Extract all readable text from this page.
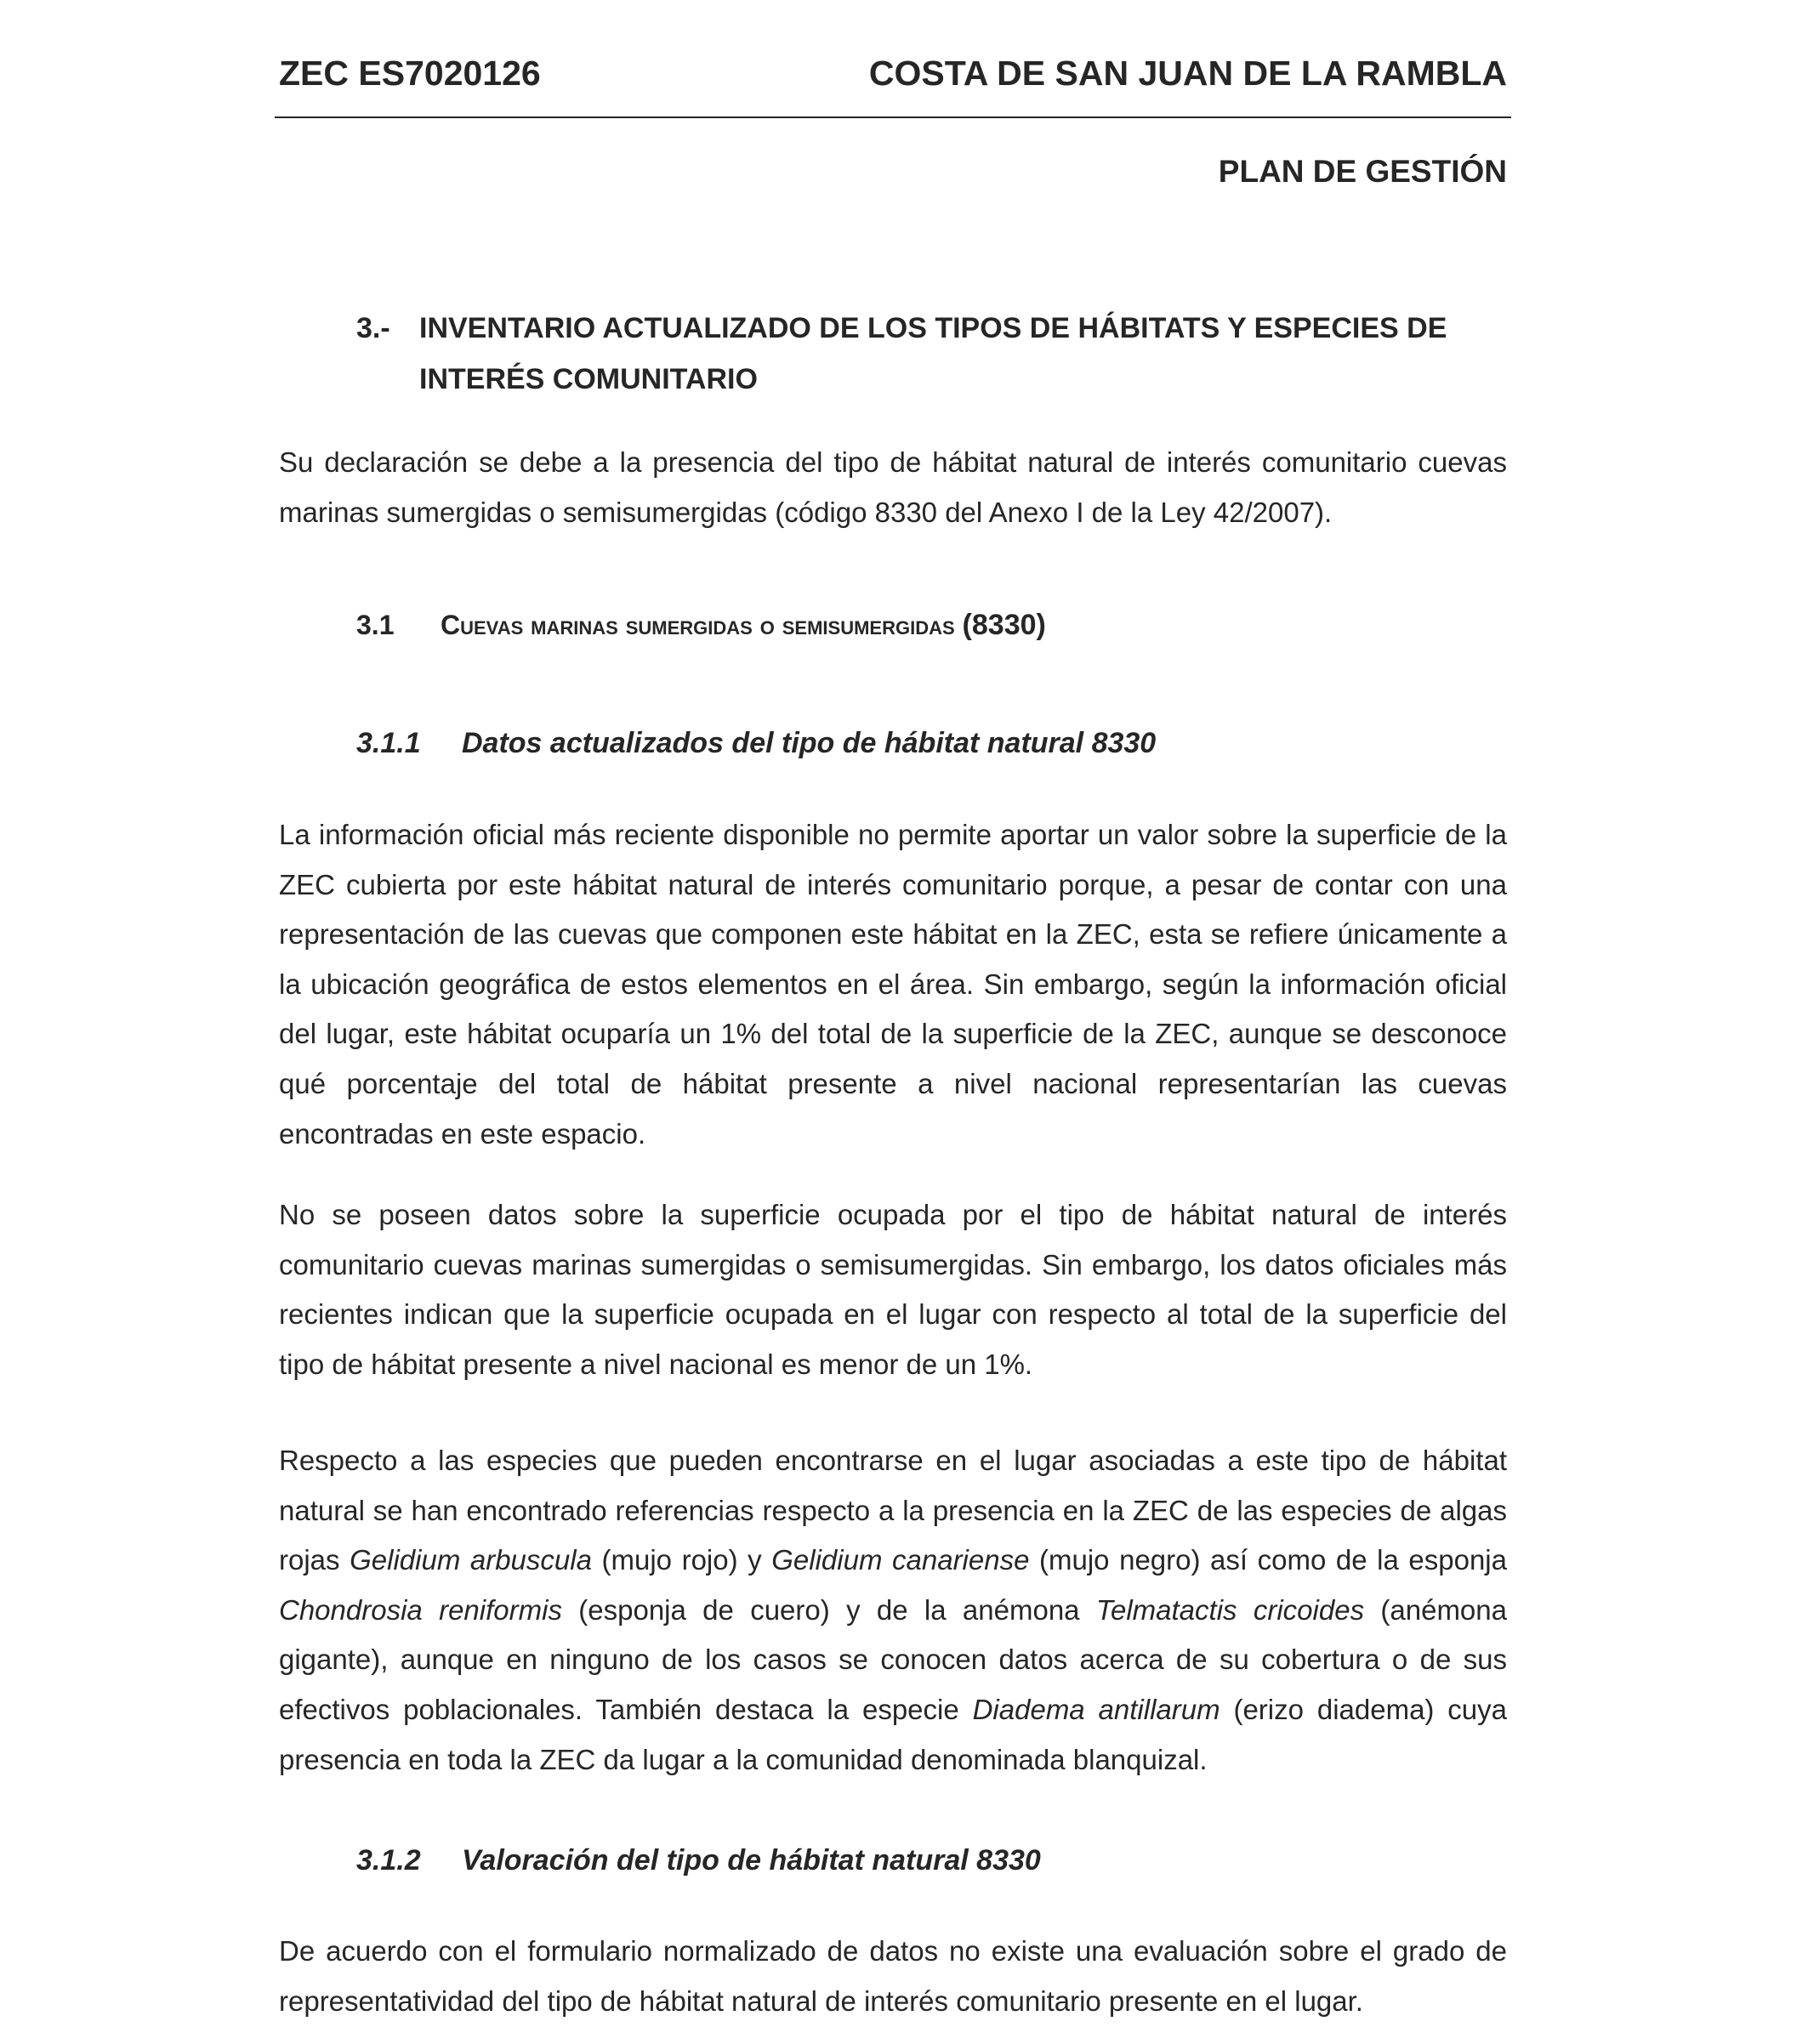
ZEC ES7020126	COSTA DE SAN JUAN DE LA RAMBLA
PLAN DE GESTIÓN
3.- INVENTARIO ACTUALIZADO DE LOS TIPOS DE HÁBITATS Y ESPECIES DE INTERÉS COMUNITARIO
Su declaración se debe a la presencia del tipo de hábitat natural de interés comunitario cuevas marinas sumergidas o semisumergidas (código 8330 del Anexo I de la Ley 42/2007).
3.1 Cuevas marinas sumergidas o semisumergidas (8330)
3.1.1 Datos actualizados del tipo de hábitat natural 8330
La información oficial más reciente disponible no permite aportar un valor sobre la superficie de la ZEC cubierta por este hábitat natural de interés comunitario porque, a pesar de contar con una representación de las cuevas que componen este hábitat en la ZEC, esta se refiere únicamente a la ubicación geográfica de estos elementos en el área. Sin embargo, según la información oficial del lugar, este hábitat ocuparía un 1% del total de la superficie de la ZEC, aunque se desconoce qué porcentaje del total de hábitat presente a nivel nacional representarían las cuevas encontradas en este espacio.
No se poseen datos sobre la superficie ocupada por el tipo de hábitat natural de interés comunitario cuevas marinas sumergidas o semisumergidas. Sin embargo, los datos oficiales más recientes indican que la superficie ocupada en el lugar con respecto al total de la superficie del tipo de hábitat presente a nivel nacional es menor de un 1%.
Respecto a las especies que pueden encontrarse en el lugar asociadas a este tipo de hábitat natural se han encontrado referencias respecto a la presencia en la ZEC de las especies de algas rojas Gelidium arbuscula (mujo rojo) y Gelidium canariense (mujo negro) así como de la esponja Chondrosia reniformis (esponja de cuero) y de la anémona Telmatactis cricoides (anémona gigante), aunque en ninguno de los casos se conocen datos acerca de su cobertura o de sus efectivos poblacionales. También destaca la especie Diadema antillarum (erizo diadema) cuya presencia en toda la ZEC da lugar a la comunidad denominada blanquizal.
3.1.2 Valoración del tipo de hábitat natural 8330
De acuerdo con el formulario normalizado de datos no existe una evaluación sobre el grado de representatividad del tipo de hábitat natural de interés comunitario presente en el lugar.
